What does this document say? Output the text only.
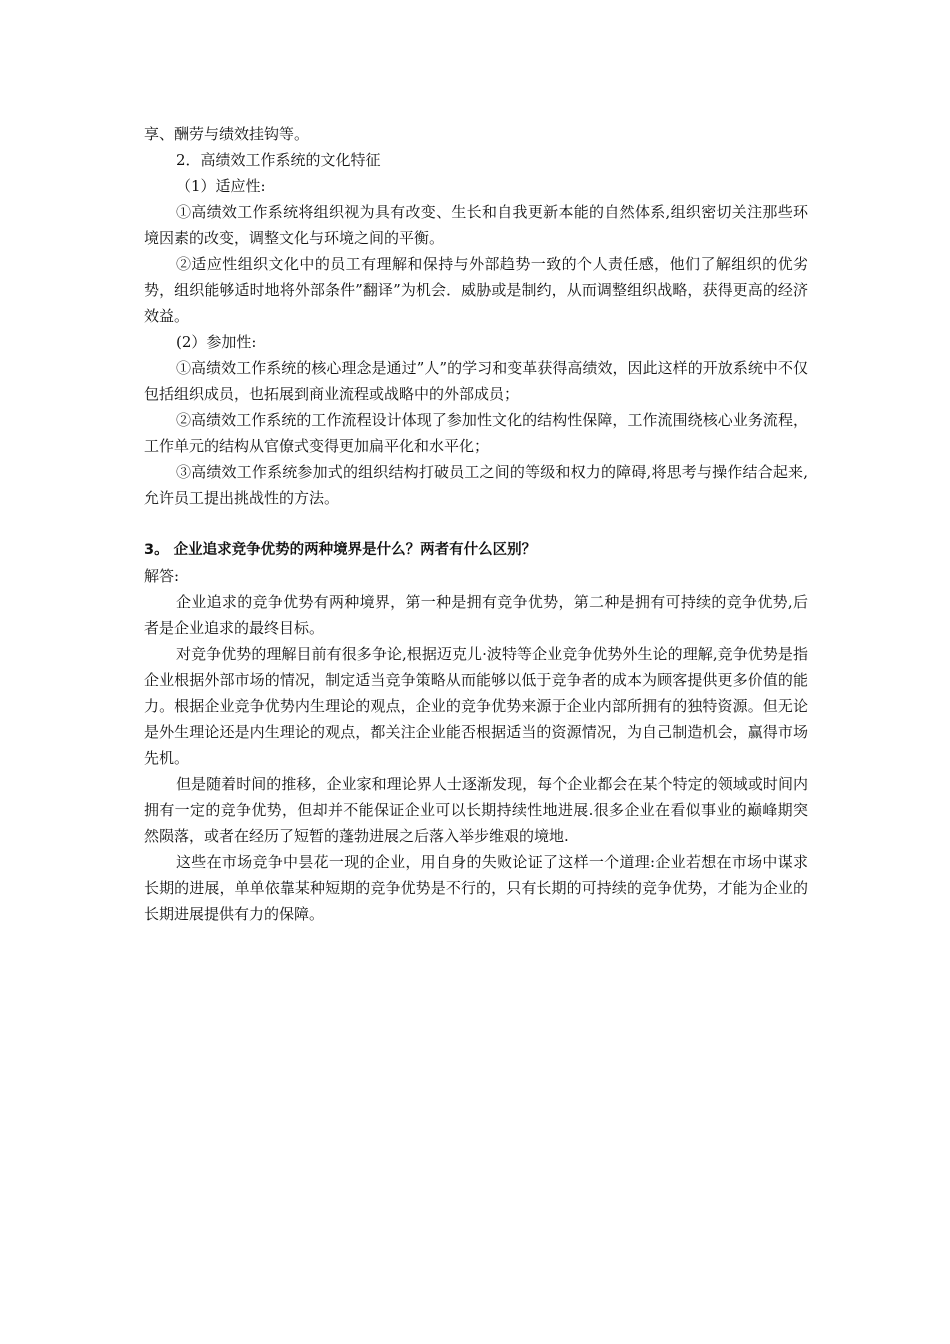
享、酬劳与绩效挂钩等。

2．高绩效工作系统的文化特征

（1）适应性:

①高绩效工作系统将组织视为具有改变、生长和自我更新本能的自然体系,组织密切关注那些环境因素的改变，调整文化与环境之间的平衡。

②适应性组织文化中的员工有理解和保持与外部趋势一致的个人责任感，他们了解组织的优劣势，组织能够适时地将外部条件”翻译”为机会．威胁或是制约，从而调整组织战略，获得更高的经济效益。

(2）参加性:

①高绩效工作系统的核心理念是通过”人”的学习和变革获得高绩效，因此这样的开放系统中不仅包括组织成员，也拓展到商业流程或战略中的外部成员；

②高绩效工作系统的工作流程设计体现了参加性文化的结构性保障，工作流围绕核心业务流程，工作单元的结构从官僚式变得更加扁平化和水平化；

③高绩效工作系统参加式的组织结构打破员工之间的等级和权力的障碍,将思考与操作结合起来,允许员工提出挑战性的方法。

3。 企业追求竞争优势的两种境界是什么？两者有什么区别？

解答:

企业追求的竞争优势有两种境界，第一种是拥有竞争优势，第二种是拥有可持续的竞争优势,后者是企业追求的最终目标。

对竞争优势的理解目前有很多争论,根据迈克儿·波特等企业竞争优势外生论的理解,竞争优势是指企业根据外部市场的情况，制定适当竞争策略从而能够以低于竞争者的成本为顾客提供更多价值的能力。根据企业竞争优势内生理论的观点，企业的竞争优势来源于企业内部所拥有的独特资源。但无论是外生理论还是内生理论的观点，都关注企业能否根据适当的资源情况，为自己制造机会，赢得市场先机。

但是随着时间的推移，企业家和理论界人士逐渐发现，每个企业都会在某个特定的领域或时间内拥有一定的竞争优势，但却并不能保证企业可以长期持续性地进展.很多企业在看似事业的巅峰期突然陨落，或者在经历了短暂的蓬勃进展之后落入举步维艰的境地.

这些在市场竞争中昙花一现的企业，用自身的失败论证了这样一个道理:企业若想在市场中谋求长期的进展，单单依靠某种短期的竞争优势是不行的，只有长期的可持续的竞争优势，才能为企业的长期进展提供有力的保障。
